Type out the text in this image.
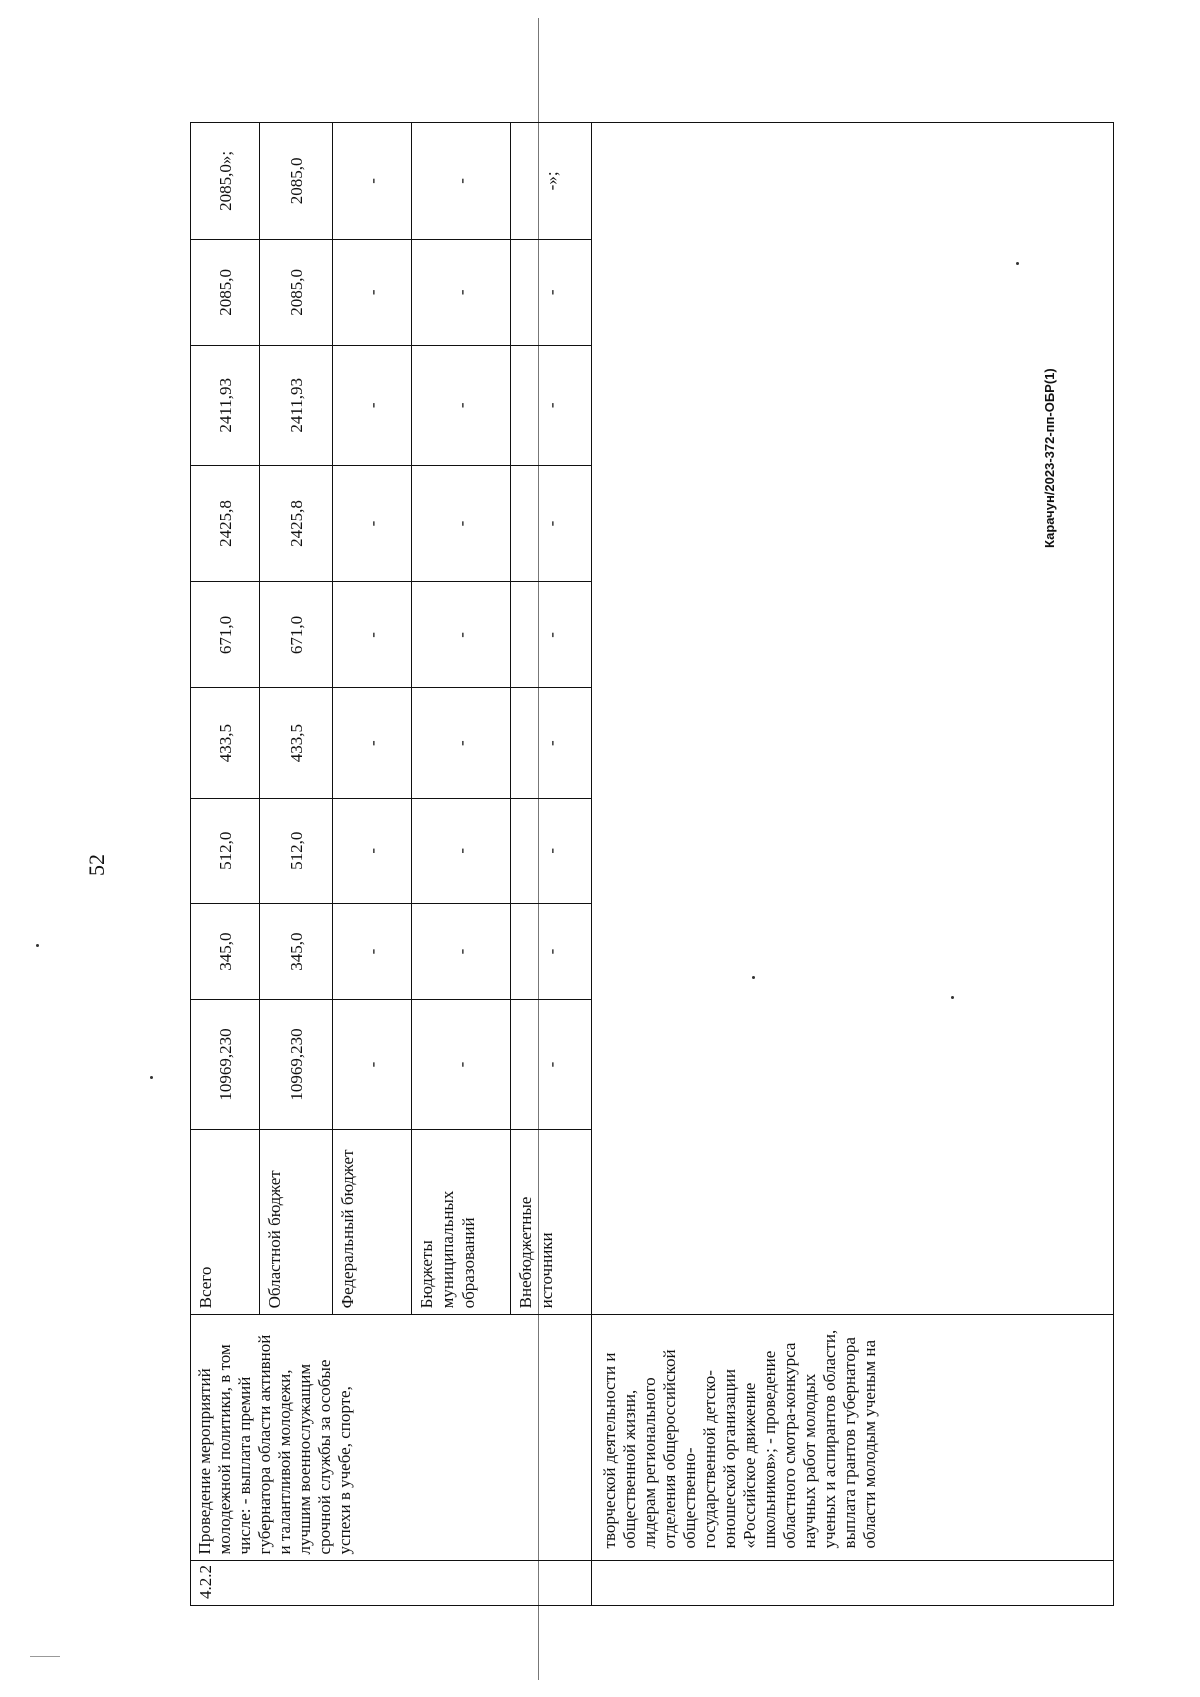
52
Карачун/2023-372-пп-ОБР(1)
4.2.2	Проведение мероприятий молодежной политики, в том числе: - выплата премий губернатора области активной и талантливой молодежи, лучшим военнослужащим срочной службы за особые успехи в учебе, спорте,	Всего	10969,230	345,0	512,0	433,5	671,0	2425,8	2411,93	2085,0	2085,0»;
		Областной бюджет	10969,230	345,0	512,0	433,5	671,0	2425,8	2411,93	2085,0	2085,0
		Федеральный бюджет	-	-	-	-	-	-	-	-	-
		Бюджеты муниципальных образований	-	-	-	-	-	-	-	-	-
		Внебюджетные источники	-	-	-	-	-	-	-	-	-»;

	творческой деятельности и общественной жизни, лидерам регионального отделения общероссийской общественно-государственной детско-юношеской организации «Российское движение школьников»; - проведение областного смотра-конкурса научных работ молодых ученых и аспирантов области, выплата грантов губернатора области молодым ученым на										
